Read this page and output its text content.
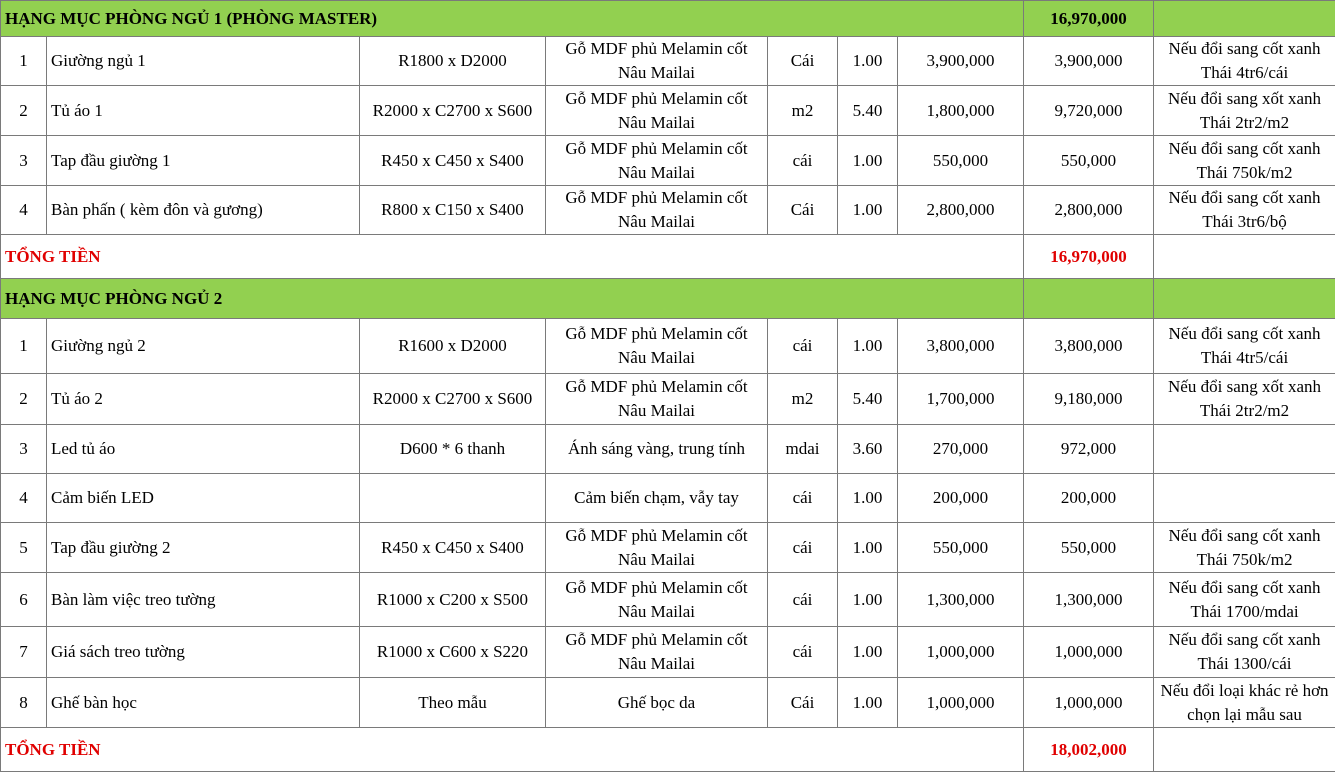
HẠNG MỤC PHÒNG NGỦ 1 (PHÒNG MASTER)							16,970,000	
1	Giường ngủ 1	R1800 x D2000	Gỗ MDF phủ Melamin cốt Nâu Mailai	Cái	1.00	3,900,000	3,900,000	Nếu đổi sang cốt xanh Thái 4tr6/cái
2	Tủ áo 1	R2000 x C2700 x S600	Gỗ MDF phủ Melamin cốt Nâu Mailai	m2	5.40	1,800,000	9,720,000	Nếu đổi sang xốt xanh Thái 2tr2/m2
3	Tap đầu giường 1	R450 x C450 x S400	Gỗ MDF phủ Melamin cốt Nâu Mailai	cái	1.00	550,000	550,000	Nếu đổi sang cốt xanh Thái 750k/m2
4	Bàn phấn ( kèm đôn và gương)	R800 x C150 x S400	Gỗ MDF phủ Melamin cốt Nâu Mailai	Cái	1.00	2,800,000	2,800,000	Nếu đổi sang cốt xanh Thái 3tr6/bộ
TỔNG TIỀN							16,970,000	
HẠNG MỤC PHÒNG NGỦ 2								
1	Giường ngủ 2	R1600 x D2000	Gỗ MDF phủ Melamin cốt Nâu Mailai	cái	1.00	3,800,000	3,800,000	Nếu đổi sang cốt xanh Thái 4tr5/cái
2	Tủ áo 2	R2000 x C2700 x S600	Gỗ MDF phủ Melamin cốt Nâu Mailai	m2	5.40	1,700,000	9,180,000	Nếu đổi sang xốt xanh Thái 2tr2/m2
3	Led tủ áo	D600 * 6 thanh	Ánh sáng vàng, trung tính	mdai	3.60	270,000	972,000	
4	Cảm biến LED		Cảm biến chạm, vẫy tay	cái	1.00	200,000	200,000	
5	Tap đầu giường 2	R450 x C450 x S400	Gỗ MDF phủ Melamin cốt Nâu Mailai	cái	1.00	550,000	550,000	Nếu đổi sang cốt xanh Thái 750k/m2
6	Bàn làm việc treo tường	R1000 x C200 x S500	Gỗ MDF phủ Melamin cốt Nâu Mailai	cái	1.00	1,300,000	1,300,000	Nếu đổi sang cốt xanh Thái 1700/mdai
7	Giá sách treo tường	R1000 x C600 x S220	Gỗ MDF phủ Melamin cốt Nâu Mailai	cái	1.00	1,000,000	1,000,000	Nếu đổi sang cốt xanh Thái 1300/cái
8	Ghế bàn học	Theo mẫu	Ghế bọc da	Cái	1.00	1,000,000	1,000,000	Nếu đổi loại khác rẻ hơn chọn lại mẫu sau
TỔNG TIỀN							18,002,000	
